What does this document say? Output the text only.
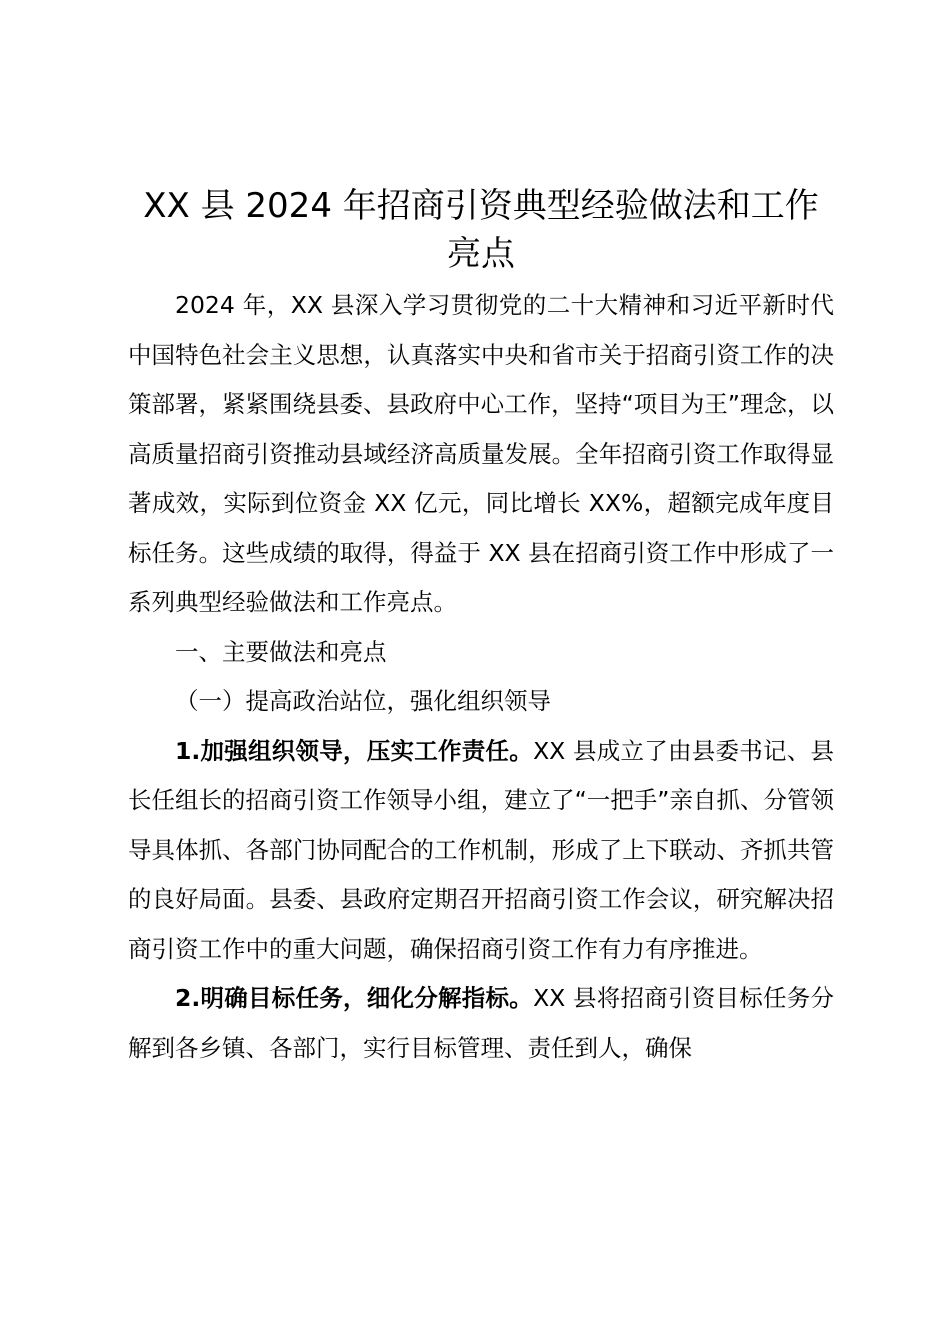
XX 县 2024 年招商引资典型经验做法和工作
亮点

2024 年，XX 县深入学习贯彻党的二十大精神和习近平新时代中国特色社会主义思想，认真落实中央和省市关于招商引资工作的决策部署，紧紧围绕县委、县政府中心工作，坚持“项目为王”理念，以高质量招商引资推动县域经济高质量发展。全年招商引资工作取得显著成效，实际到位资金 XX 亿元，同比增长 XX%，超额完成年度目标任务。这些成绩的取得，得益于 XX 县在招商引资工作中形成了一系列典型经验做法和工作亮点。

一、主要做法和亮点

（一）提高政治站位，强化组织领导

1.加强组织领导，压实工作责任。XX 县成立了由县委书记、县长任组长的招商引资工作领导小组，建立了“一把手”亲自抓、分管领导具体抓、各部门协同配合的工作机制，形成了上下联动、齐抓共管的良好局面。县委、县政府定期召开招商引资工作会议，研究解决招商引资工作中的重大问题，确保招商引资工作有力有序推进。

2.明确目标任务，细化分解指标。XX 县将招商引资目标任务分解到各乡镇、各部门，实行目标管理、责任到人，确保
